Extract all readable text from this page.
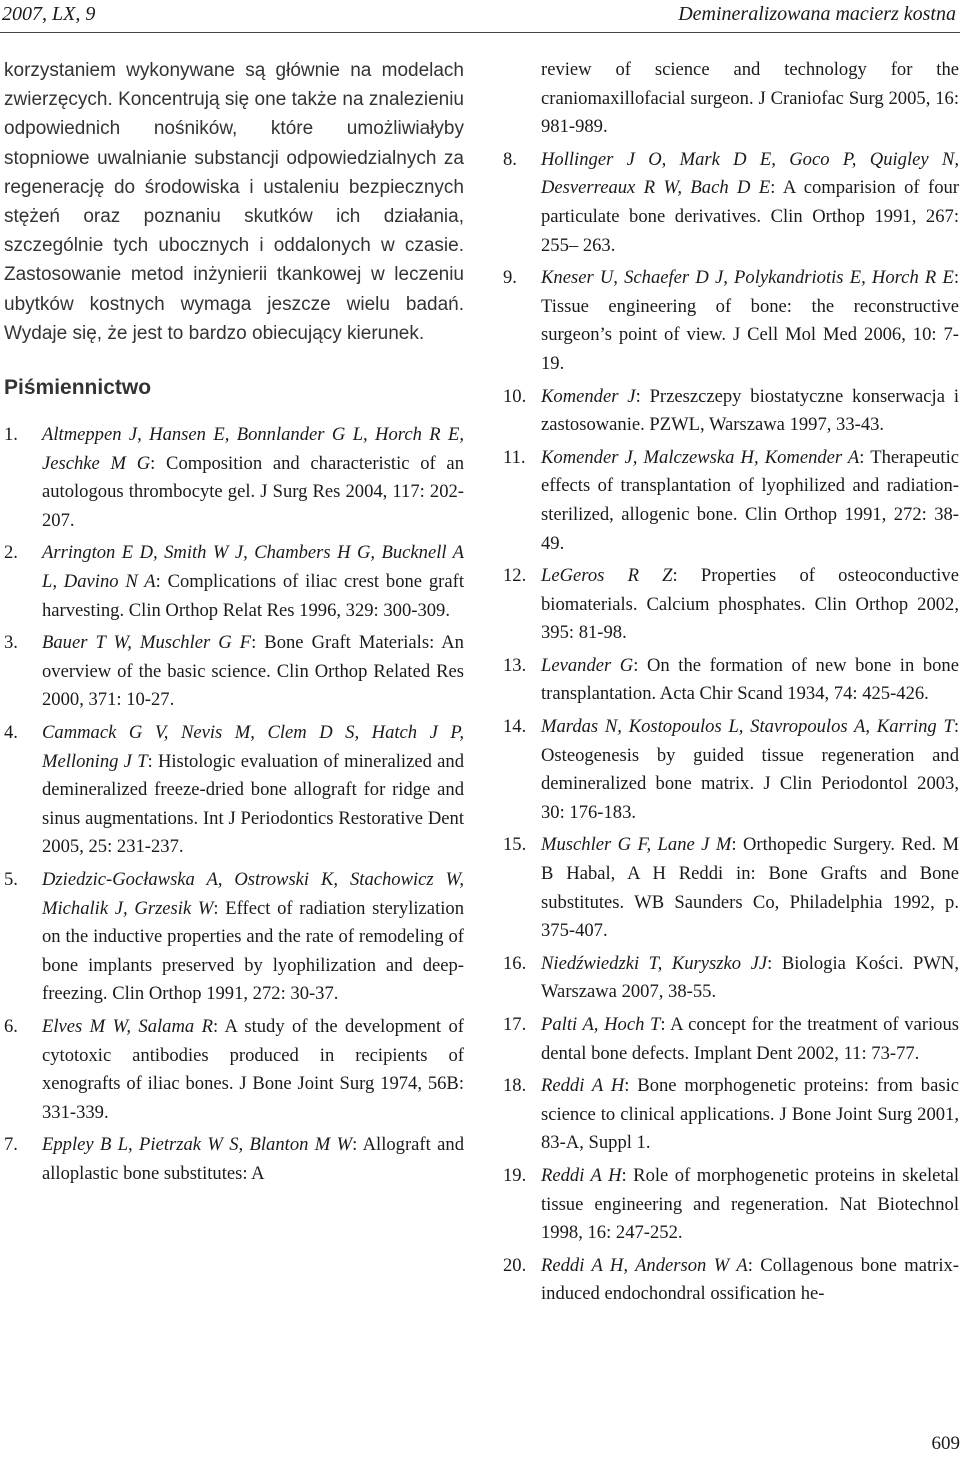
2007, LX, 9	Demineralizowana macierz kostna

korzystaniem wykonywane są głównie na modelach zwierzęcych. Koncentrują się one także na znalezieniu odpowiednich nośników, które umożliwiałyby stopniowe uwalnianie substancji odpowiedzialnych za regenerację do środowiska i ustaleniu bezpiecznych stężeń oraz poznaniu skutków ich działania, szczególnie tych ubocznych i oddalonych w czasie. Zastosowanie metod inżynierii tkankowej w leczeniu ubytków kostnych wymaga jeszcze wielu badań. Wydaje się, że jest to bardzo obiecujący kierunek.

Piśmiennictwo
1. Altmeppen J, Hansen E, Bonnlander G L, Horch R E, Jeschke M G: Composition and characteristic of an autologous thrombocyte gel. J Surg Res 2004, 117: 202-207.
2. Arrington E D, Smith W J, Chambers H G, Bucknell A L, Davino N A: Complications of iliac crest bone graft harvesting. Clin Orthop Relat Res 1996, 329: 300-309.
3. Bauer T W, Muschler G F: Bone Graft Materials: An overview of the basic science. Clin Orthop Related Res 2000, 371: 10-27.
4. Cammack G V, Nevis M, Clem D S, Hatch J P, Melloning J T: Histologic evaluation of mineralized and demineralized freeze-dried bone allograft for ridge and sinus augmentations. Int J Periodontics Restorative Dent 2005, 25: 231-237.
5. Dziedzic-Gocławska A, Ostrowski K, Stachowicz W, Michalik J, Grzesik W: Effect of radiation sterylization on the inductive properties and the rate of remodeling of bone implants preserved by lyophilization and deep-freezing. Clin Orthop 1991, 272: 30-37.
6. Elves M W, Salama R: A study of the development of cytotoxic antibodies produced in recipients of xenografts of iliac bones. J Bone Joint Surg 1974, 56B: 331-339.
7. Eppley B L, Pietrzak W S, Blanton M W: Allograft and alloplastic bone substitutes: A
review of science and technology for the craniomaxillofacial surgeon. J Craniofac Surg 2005, 16: 981-989.
8. Hollinger J O, Mark D E, Goco P, Quigley N, Desverreaux R W, Bach D E: A comparision of four particulate bone derivatives. Clin Orthop 1991, 267: 255– 263.
9. Kneser U, Schaefer D J, Polykandriotis E, Horch R E: Tissue engineering of bone: the reconstructive surgeon’s point of view. J Cell Mol Med 2006, 10: 7-19.
10. Komender J: Przeszczepy biostatyczne konserwacja i zastosowanie. PZWL, Warszawa 1997, 33-43.
11. Komender J, Malczewska H, Komender A: Therapeutic effects of transplantation of lyophilized and radiation-sterilized, allogenic bone. Clin Orthop 1991, 272: 38-49.
12. LeGeros R Z: Properties of osteoconductive biomaterials. Calcium phosphates. Clin Orthop 2002, 395: 81-98.
13. Levander G: On the formation of new bone in bone transplantation. Acta Chir Scand 1934, 74: 425-426.
14. Mardas N, Kostopoulos L, Stavropoulos A, Karring T: Osteogenesis by guided tissue regeneration and demineralized bone matrix. J Clin Periodontol 2003, 30: 176-183.
15. Muschler G F, Lane J M: Orthopedic Surgery. Red. M B Habal, A H Reddi in: Bone Grafts and Bone substitutes. WB Saunders Co, Philadelphia 1992, p. 375-407.
16. Niedźwiedzki T, Kuryszko JJ: Biologia Kości. PWN, Warszawa 2007, 38-55.
17. Palti A, Hoch T: A concept for the treatment of various dental bone defects. Implant Dent 2002, 11: 73-77.
18. Reddi A H: Bone morphogenetic proteins: from basic science to clinical applications. J Bone Joint Surg 2001, 83-A, Suppl 1.
19. Reddi A H: Role of morphogenetic proteins in skeletal tissue engineering and regeneration. Nat Biotechnol 1998, 16: 247-252.
20. Reddi A H, Anderson W A: Collagenous bone matrix-induced endochondral ossification he-
609
